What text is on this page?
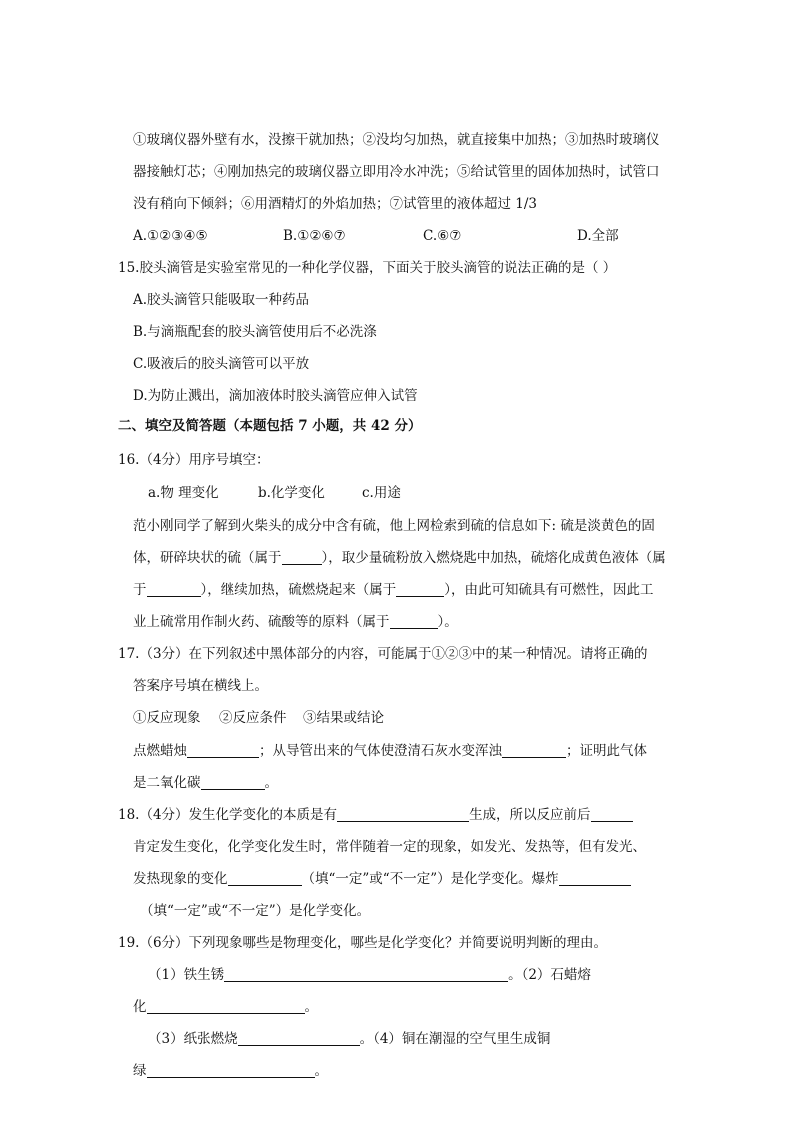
①玻璃仪器外壁有水，没擦干就加热；②没均匀加热，就直接集中加热；③加热时玻璃仪
器接触灯芯；④刚加热完的玻璃仪器立即用冷水冲洗；⑤给试管里的固体加热时，试管口
没有稍向下倾斜；⑥用酒精灯的外焰加热；⑦试管里的液体超过 1/3
A.①②③④⑤	B.①②⑥⑦	C.⑥⑦	D.全部
15.胶头滴管是实验室常见的一种化学仪器，下面关于胶头滴管的说法正确的是（ ）
A.胶头滴管只能吸取一种药品
B.与滴瓶配套的胶头滴管使用后不必洗涤
C.吸液后的胶头滴管可以平放
D.为防止溅出，滴加液体时胶头滴管应伸入试管
二、填空及简答题（本题包括 7 小题，共 42 分）
16.（4分）用序号填空：
a.物 理变化	b.化学变化	c.用途
范小刚同学了解到火柴头的成分中含有硫，他上网检索到硫的信息如下: 硫是淡黄色的固
体，研碎块状的硫（属于	），取少量硫粉放入燃烧匙中加热，硫熔化成黄色液体（属
于	），继续加热，硫燃烧起来（属于	），由此可知硫具有可燃性，因此工
业上硫常用作制火药、硫酸等的原料（属于	）。
17.（3分）在下列叙述中黑体部分的内容，可能属于①②③中的某一种情况。请将正确的
答案序号填在横线上。
①反应现象 ②反应条件 ③结果或结论
点燃蜡烛	；从导管出来的气体使澄清石灰水变浑浊	；证明此气体
是二氧化碳	。
18.（4分）发生化学变化的本质是有	生成，所以反应前后
肯定发生变化，化学变化发生时，常伴随着一定的现象，如发光、发热等，但有发光、
发热现象的变化	（填“一定”或“不一定”）是化学变化。爆炸
（填“一定”或“不一定”）是化学变化。
19.（6分）下列现象哪些是物理变化，哪些是化学变化？并简要说明判断的理由。
（1）铁生锈	。（2）石蜡熔
化	。
（3）纸张燃烧	。（4）铜在潮湿的空气里生成铜
绿	。
